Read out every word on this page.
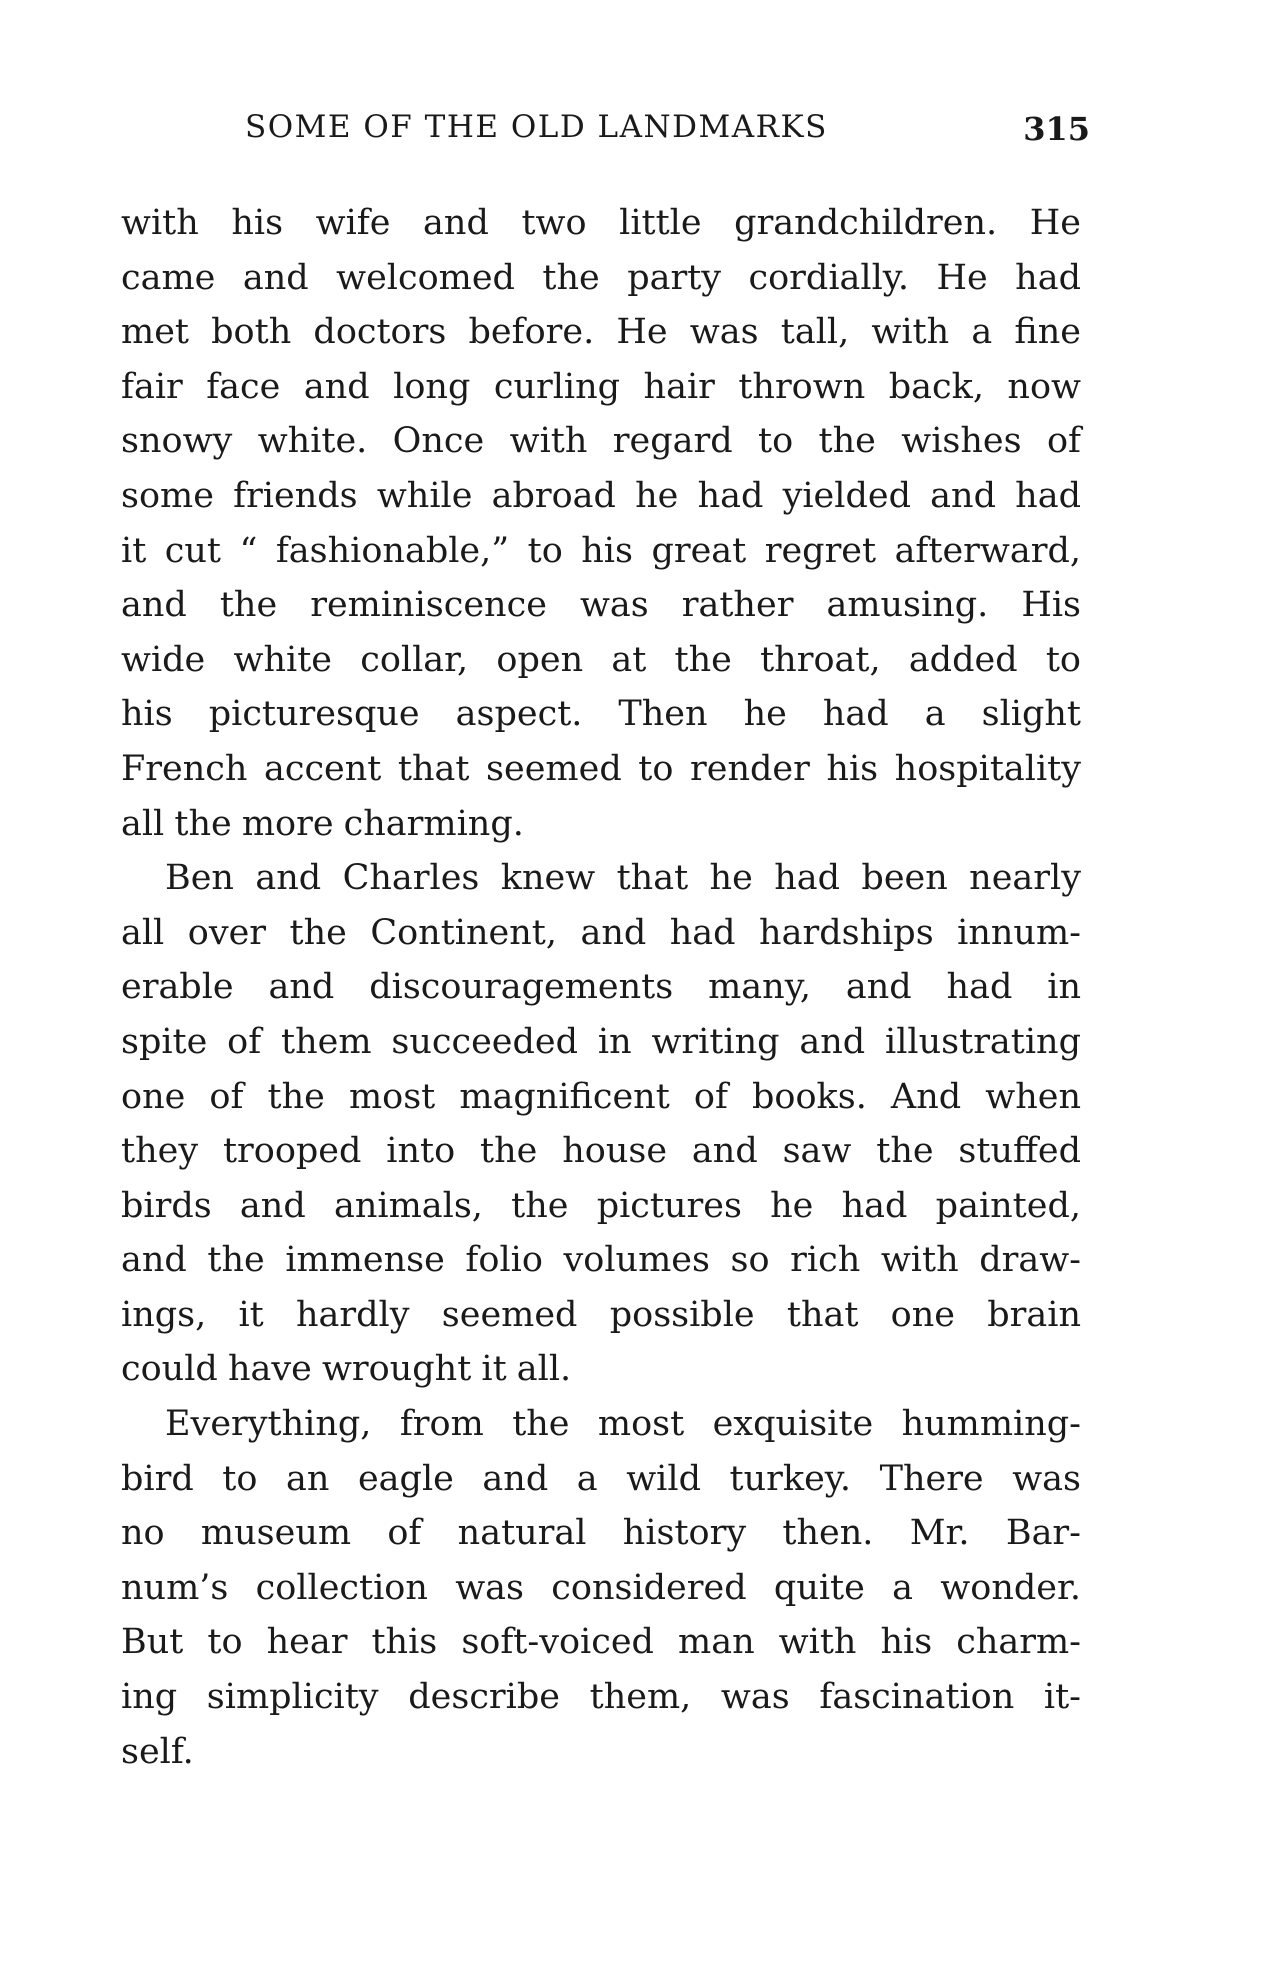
SOME OF THE OLD LANDMARKS	315
with his wife and two little grandchildren. He
came and welcomed the party cordially. He had
met both doctors before. He was tall, with a fine
fair face and long curling hair thrown back, now
snowy white. Once with regard to the wishes of
some friends while abroad he had yielded and had
it cut “ fashionable,” to his great regret afterward,
and the reminiscence was rather amusing. His
wide white collar, open at the throat, added to
his picturesque aspect. Then he had a slight
French accent that seemed to render his hospitality
all the more charming.
Ben and Charles knew that he had been nearly
all over the Continent, and had hardships innum-
erable and discouragements many, and had in
spite of them succeeded in writing and illustrating
one of the most magnificent of books. And when
they trooped into the house and saw the stuffed
birds and animals, the pictures he had painted,
and the immense folio volumes so rich with draw-
ings, it hardly seemed possible that one brain
could have wrought it all.
Everything, from the most exquisite humming-
bird to an eagle and a wild turkey. There was
no museum of natural history then. Mr. Bar-
num’s collection was considered quite a wonder.
But to hear this soft-voiced man with his charm-
ing simplicity describe them, was fascination it-
self.
